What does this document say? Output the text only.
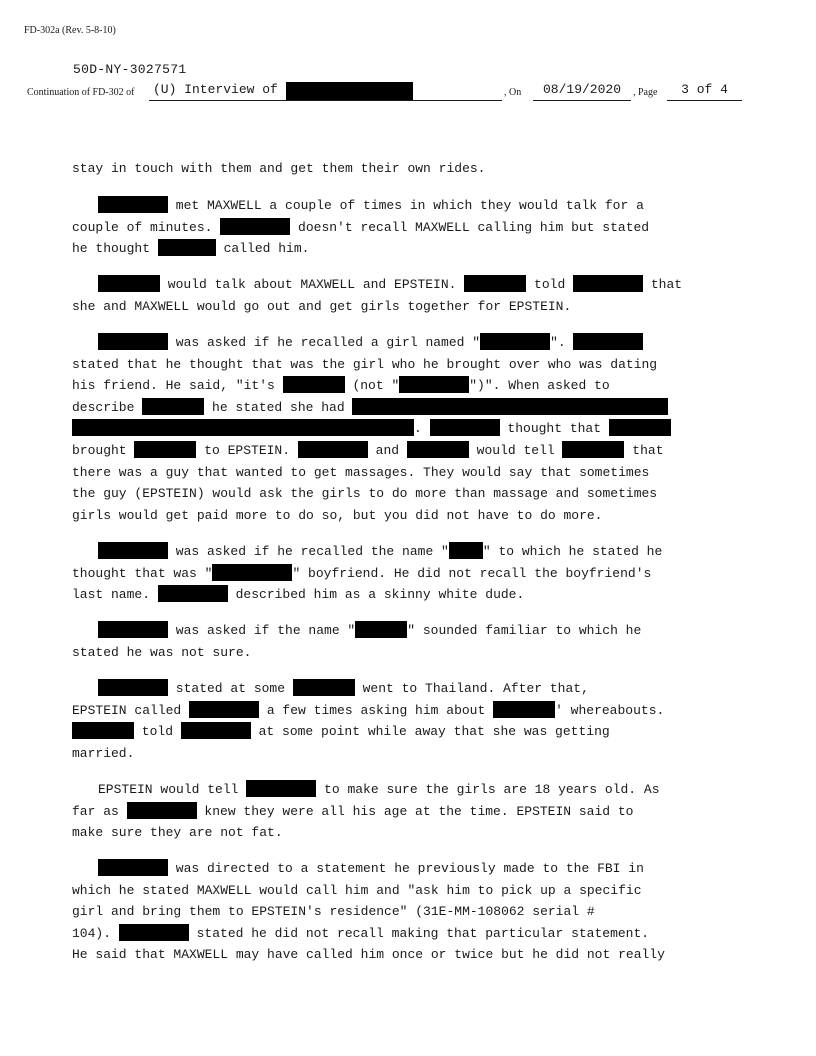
FD-302a (Rev. 5-8-10)
50D-NY-3027571
Continuation of FD-302 of	(U) Interview of	, On	08/19/2020	, Page	3 of 4
stay in touch with them and get them their own rides.
met MAXWELL a couple of times in which they would talk for a
couple of minutes.	doesn't recall MAXWELL calling him but stated
he thought	called him.
would talk about MAXWELL and EPSTEIN.	told	that
she and MAXWELL would go out and get girls together for EPSTEIN.
was asked if he recalled a girl named "	".
stated that he thought that was the girl who he brought over who was dating
his friend. He said, "it's	(not "	")". When asked to
describe	he stated she had
.	thought that
brought	to EPSTEIN.	and	would tell	that
there was a guy that wanted to get massages. They would say that sometimes
the guy (EPSTEIN) would ask the girls to do more than massage and sometimes
girls would get paid more to do so, but you did not have to do more.
was asked if he recalled the name "	" to which he stated he
thought that was "	" boyfriend. He did not recall the boyfriend's
last name.	described him as a skinny white dude.
was asked if the name "	" sounded familiar to which he
stated he was not sure.
stated at some	went to Thailand. After that,
EPSTEIN called	a few times asking him about	' whereabouts.
told	at some point while away that she was getting
married.
EPSTEIN would tell	to make sure the girls are 18 years old. As
far as	knew they were all his age at the time. EPSTEIN said to
make sure they are not fat.
was directed to a statement he previously made to the FBI in
which he stated MAXWELL would call him and "ask him to pick up a specific
girl and bring them to EPSTEIN's residence" (31E-MM-108062 serial #
104).	stated he did not recall making that particular statement.
He said that MAXWELL may have called him once or twice but he did not really
